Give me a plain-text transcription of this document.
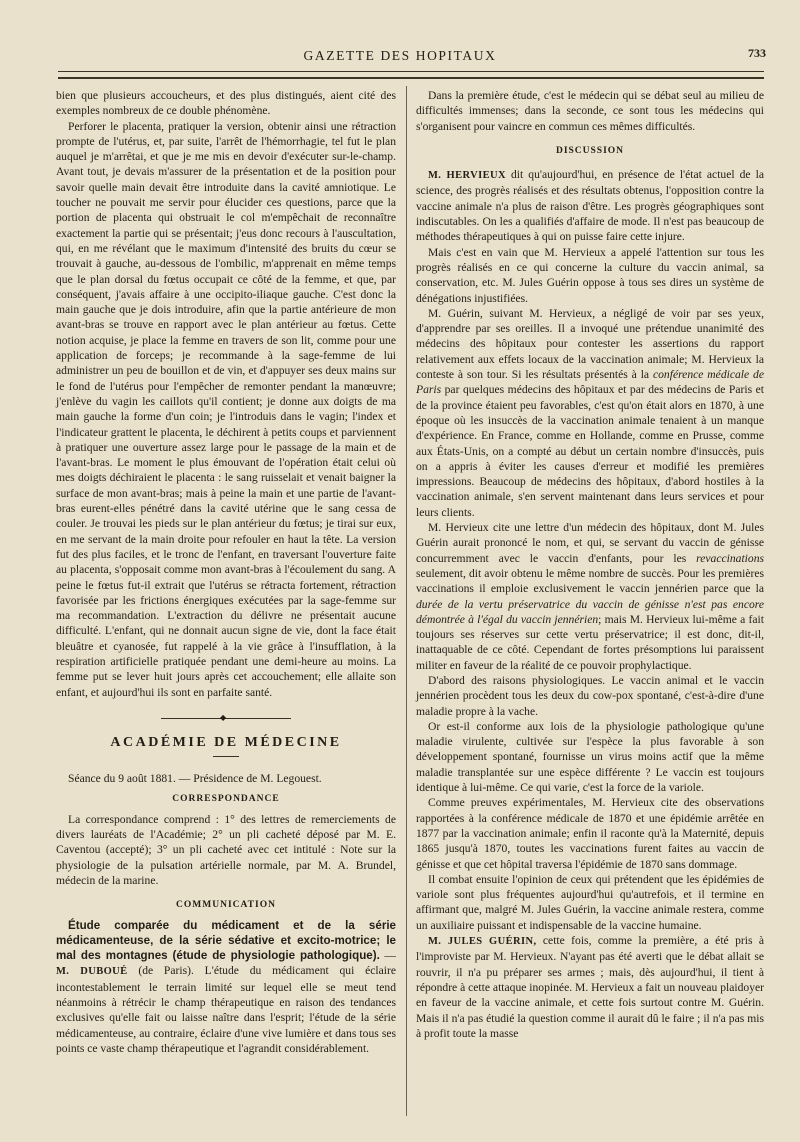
GAZETTE DES HOPITAUX	733

bien que plusieurs accoucheurs, et des plus distingués, aient cité des exemples nombreux de ce double phénomène.

Perforer le placenta, pratiquer la version, obtenir ainsi une rétraction prompte de l'utérus, et, par suite, l'arrêt de l'hémorrhagie, tel fut le plan auquel je m'arrêtai, et que je me mis en devoir d'exécuter sur-le-champ. Avant tout, je devais m'assurer de la présentation et de la position pour savoir quelle main devait être introduite dans la cavité amniotique. Le toucher ne pouvait me servir pour élucider ces questions, parce que la portion de placenta qui obstruait le col m'empêchait de reconnaître exactement la partie qui se présentait; j'eus donc recours à l'auscultation, qui, en me révélant que le maximum d'intensité des bruits du cœur se trouvait à gauche, au-dessous de l'ombilic, m'apprenait en même temps que le plan dorsal du fœtus occupait ce côté de la femme, et que, par conséquent, j'avais affaire à une occipito-iliaque gauche. C'est donc la main gauche que je dois introduire, afin que la partie antérieure de mon avant-bras se trouve en rapport avec le plan antérieur au fœtus. Cette notion acquise, je place la femme en travers de son lit, comme pour une application de forceps; je recommande à la sage-femme de lui administrer un peu de bouillon et de vin, et d'appuyer ses deux mains sur le fond de l'utérus pour l'empêcher de remonter pendant la manœuvre; j'enlève du vagin les caillots qu'il contient; je donne aux doigts de ma main gauche la forme d'un coin; je l'introduis dans le vagin; l'index et l'indicateur grattent le placenta, le déchirent à petits coups et parviennent à pratiquer une ouverture assez large pour le passage de la main et de l'avant-bras. Le moment le plus émouvant de l'opération était celui où mes doigts déchiraient le placenta : le sang ruisselait et venait baigner la surface de mon avant-bras; mais à peine la main et une partie de l'avant-bras eurent-elles pénétré dans la cavité utérine que le sang cessa de couler. Je trouvai les pieds sur le plan antérieur du fœtus; je tirai sur eux, en me servant de la main droite pour refouler en haut la tête. La version fut des plus faciles, et le tronc de l'enfant, en traversant l'ouverture faite au placenta, s'opposait comme mon avant-bras à l'écoulement du sang. A peine le fœtus fut-il extrait que l'utérus se rétracta fortement, rétraction favorisée par les frictions énergiques exécutées par la sage-femme sur ma recommandation. L'extraction du délivre ne présentait aucune difficulté. L'enfant, qui ne donnait aucun signe de vie, dont la face était bleuâtre et cyanosée, fut rappelé à la vie grâce à l'insufflation, à la respiration artificielle pratiquée pendant une demi-heure au moins. La femme put se lever huit jours après cet accouchement; elle allaite son enfant, et aujourd'hui ils sont en parfaite santé.

◆
ACADÉMIE DE MÉDECINE

Séance du 9 août 1881. — Présidence de M. Legouest.

CORRESPONDANCE

La correspondance comprend : 1° des lettres de remerciements de divers lauréats de l'Académie; 2° un pli cacheté déposé par M. E. Caventou (accepté); 3° un pli cacheté avec cet intitulé : Note sur la physiologie de la pulsation artérielle normale, par M. A. Brundel, médecin de la marine.

COMMUNICATION

Étude comparée du médicament et de la série médicamenteuse, de la série sédative et excito-motrice; le mal des montagnes (étude de physiologie pathologique). — M. DUBOUÉ (de Paris). L'étude du médicament qui éclaire incontestablement le terrain limité sur lequel elle se meut tend néanmoins à rétrécir le champ thérapeutique en raison des tendances exclusives qu'elle fait ou laisse naître dans l'esprit; l'étude de la série médicamenteuse, au contraire, éclaire d'une vive lumière et dans tous ses points ce vaste champ thérapeutique et l'agrandit considérablement.

Dans la première étude, c'est le médecin qui se débat seul au milieu de difficultés immenses; dans la seconde, ce sont tous les médecins qui s'organisent pour vaincre en commun ces mêmes difficultés.

DISCUSSION

M. HERVIEUX dit qu'aujourd'hui, en présence de l'état actuel de la science, des progrès réalisés et des résultats obtenus, l'opposition contre la vaccine animale n'a plus de raison d'être. Les progrès géographiques sont indiscutables. On les a qualifiés d'affaire de mode. Il n'est pas beaucoup de méthodes thérapeutiques à qui on puisse faire cette injure.

Mais c'est en vain que M. Hervieux a appelé l'attention sur tous les progrès réalisés en ce qui concerne la culture du vaccin animal, sa conservation, etc. M. Jules Guérin oppose à tous ses dires un système de dénégations injustifiées.

M. Guérin, suivant M. Hervieux, a négligé de voir par ses yeux, d'apprendre par ses oreilles. Il a invoqué une prétendue unanimité des médecins des hôpitaux pour contester les assertions du rapport relativement aux effets locaux de la vaccination animale; M. Hervieux la conteste à son tour. Si les résultats présentés à la conférence médicale de Paris par quelques médecins des hôpitaux et par des médecins de Paris et de la province étaient peu favorables, c'est qu'on était alors en 1870, à une époque où les insuccès de la vaccination animale tenaient à un manque d'expérience. En France, comme en Hollande, comme en Prusse, comme aux États-Unis, on a compté au début un certain nombre d'insuccès, puis on a appris à éviter les causes d'erreur et modifié les premières impressions. Beaucoup de médecins des hôpitaux, d'abord hostiles à la vaccination animale, s'en servent maintenant dans leurs services et pour leurs clients.

M. Hervieux cite une lettre d'un médecin des hôpitaux, dont M. Jules Guérin aurait prononcé le nom, et qui, se servant du vaccin de génisse concurremment avec le vaccin d'enfants, pour les revaccinations seulement, dit avoir obtenu le même nombre de succès. Pour les premières vaccinations il emploie exclusivement le vaccin jennérien parce que la durée de la vertu préservatrice du vaccin de génisse n'est pas encore démontrée à l'égal du vaccin jennérien; mais M. Hervieux lui-même a fait toujours ses réserves sur cette vertu préservatrice; il est donc, dit-il, inattaquable de ce côté. Cependant de fortes présomptions lui paraissent militer en faveur de la réalité de ce pouvoir prophylactique.

D'abord des raisons physiologiques. Le vaccin animal et le vaccin jennérien procèdent tous les deux du cow-pox spontané, c'est-à-dire d'une maladie propre à la vache.

Or est-il conforme aux lois de la physiologie pathologique qu'une maladie virulente, cultivée sur l'espèce la plus favorable à son développement spontané, fournisse un virus moins actif que la même maladie transplantée sur une espèce différente ? Le vaccin est toujours identique à lui-même. Ce qui varie, c'est la force de la variole.

Comme preuves expérimentales, M. Hervieux cite des observations rapportées à la conférence médicale de 1870 et une épidémie arrêtée en 1877 par la vaccination animale; enfin il raconte qu'à la Maternité, depuis 1865 jusqu'à 1870, toutes les vaccinations furent faites au vaccin de génisse et que cet hôpital traversa l'épidémie de 1870 sans dommage.

Il combat ensuite l'opinion de ceux qui prétendent que les épidémies de variole sont plus fréquentes aujourd'hui qu'autrefois, et il termine en affirmant que, malgré M. Jules Guérin, la vaccine animale restera, comme un auxiliaire puissant et indispensable de la vaccine humaine.

M. JULES GUÉRIN, cette fois, comme la première, a été pris à l'improviste par M. Hervieux. N'ayant pas été averti que le débat allait se rouvrir, il n'a pu préparer ses armes ; mais, dès aujourd'hui, il tient à répondre à cette attaque inopinée. M. Hervieux a fait un nouveau plaidoyer en faveur de la vaccine animale, et cette fois surtout contre M. Guérin. Mais il n'a pas étudié la question comme il aurait dû le faire ; il n'a pas mis à profit toute la masse
